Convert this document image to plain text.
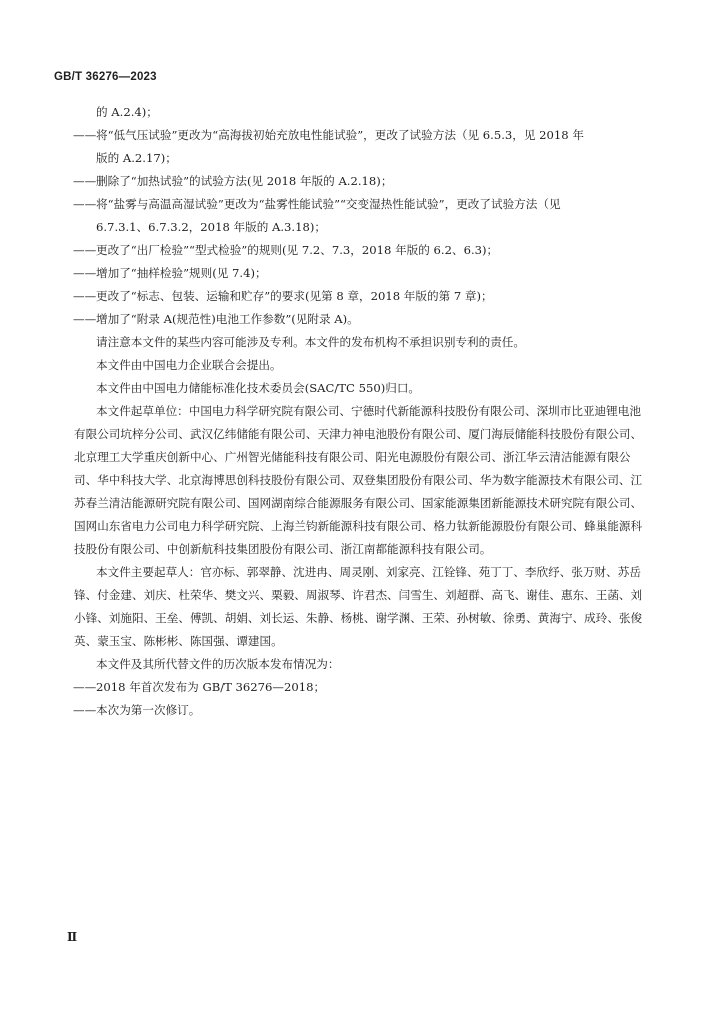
GB/T 36276—2023
的 A.2.4)；
—— 将“低气压试验”更改为“高海拔初始充放电性能试验”，更改了试验方法（见 6.5.3，见 2018 年
版的 A.2.17)；
—— 删除了“加热试验”的试验方法(见 2018 年版的 A.2.18)；
—— 将“盐雾与高温高湿试验”更改为“盐雾性能试验”“交变湿热性能试验”，更改了试验方法（见
6.7.3.1、6.7.3.2，2018 年版的 A.3.18)；
—— 更改了“出厂检验”“型式检验”的规则(见 7.2、7.3，2018 年版的 6.2、6.3)；
—— 增加了“抽样检验”规则(见 7.4)；
—— 更改了“标志、包装、运输和贮存”的要求(见第 8 章，2018 年版的第 7 章)；
—— 增加了“附录 A(规范性)电池工作参数”(见附录 A)。
请注意本文件的某些内容可能涉及专利。本文件的发布机构不承担识别专利的责任。
本文件由中国电力企业联合会提出。
本文件由中国电力储能标准化技术委员会(SAC/TC 550)归口。
本文件起草单位：中国电力科学研究院有限公司、宁德时代新能源科技股份有限公司、深圳市比亚迪锂电池有限公司坑梓分公司、武汉亿纬储能有限公司、天津力神电池股份有限公司、厦门海辰储能科技股份有限公司、北京理工大学重庆创新中心、广州智光储能科技有限公司、阳光电源股份有限公司、浙江华云清洁能源有限公司、华中科技大学、北京海博思创科技股份有限公司、双登集团股份有限公司、华为数字能源技术有限公司、江苏春兰清洁能源研究院有限公司、国网湖南综合能源服务有限公司、国家能源集团新能源技术研究院有限公司、国网山东省电力公司电力科学研究院、上海兰钧新能源科技有限公司、格力钛新能源股份有限公司、蜂巢能源科技股份有限公司、中创新航科技集团股份有限公司、浙江南都能源科技有限公司。
本文件主要起草人：官亦标、郭翠静、沈进冉、周灵刚、刘家亮、江铨锋、苑丁丁、李欣纾、张万财、苏岳锋、付金建、刘庆、杜荣华、樊文兴、栗毅、周淑琴、许君杰、闫雪生、刘超群、高飞、谢佳、惠东、王菡、刘小锋、刘施阳、王垒、傅凯、胡娟、刘长运、朱静、杨桃、谢学渊、王荣、孙树敏、徐勇、黄海宁、成玲、张俊英、蒙玉宝、陈彬彬、陈国强、谭建国。
本文件及其所代替文件的历次版本发布情况为：
—— 2018 年首次发布为 GB/T 36276—2018；
—— 本次为第一次修订。
Ⅱ
